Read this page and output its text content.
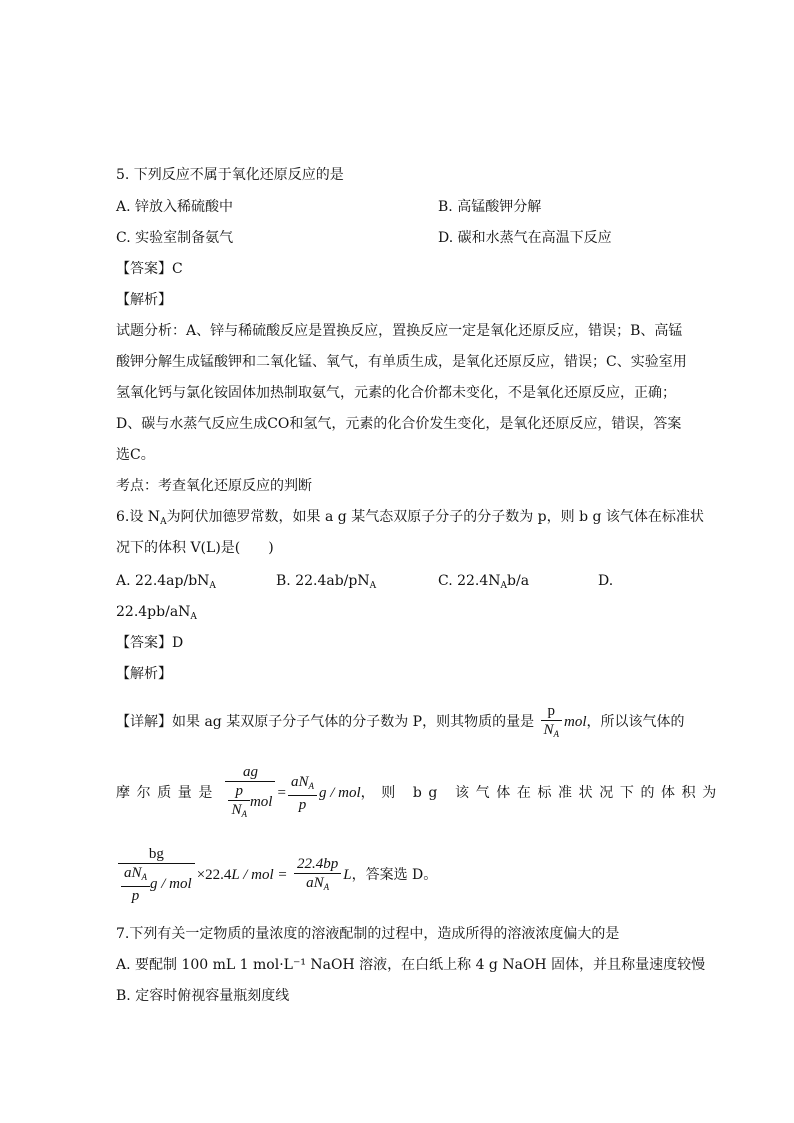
5. 下列反应不属于氧化还原反应的是
A. 锌放入稀硫酸中	B. 高锰酸钾分解
C. 实验室制备氨气	D. 碳和水蒸气在高温下反应
【答案】C
【解析】
试题分析：A、锌与稀硫酸反应是置换反应，置换反应一定是氧化还原反应，错误；B、高锰
酸钾分解生成锰酸钾和二氧化锰、氧气，有单质生成，是氧化还原反应，错误；C、实验室用
氢氧化钙与氯化铵固体加热制取氨气，元素的化合价都未变化，不是氧化还原反应，正确；
D、碳与水蒸气反应生成CO和氢气，元素的化合价发生变化，是氧化还原反应，错误，答案
选C。
考点：考查氧化还原反应的判断
6.设 $N_A$为阿伏加德罗常数，如果 a g 某气态双原子分子的分子数为 p，则 b g 该气体在标准状
况下的体积 V(L)是(　　)
A. $22.4ap/bN_A$	B. $22.4ab/pN_A$	C. $22.4N_Ab/a$	D.
$22.4pb/aN_A$
【答案】D
【解析】
【详解】如果 ag 某双原子分子气体的分子数为 P，则其物质的量是 $\frac{p}{N_A}$ mol，所以该气体的
摩尔质量是 $\frac{ag}{\frac{p}{N_A} mol} = \frac{aN_A}{p}$ g / mol，则 bg 该气体在标准状况下的体积为
$\frac{bg}{\frac{aN_A}{p} g / mol} \times 22.4L$ / mol = $\frac{22.4bp}{aN_A}$ L，答案选 D。
7.下列有关一定物质的量浓度的溶液配制的过程中，造成所得的溶液浓度偏大的是
A. 要配制 100 mL 1 mol·L⁻¹ NaOH 溶液，在白纸上称 4 g NaOH 固体，并且称量速度较慢
B. 定容时俯视容量瓶刻度线
